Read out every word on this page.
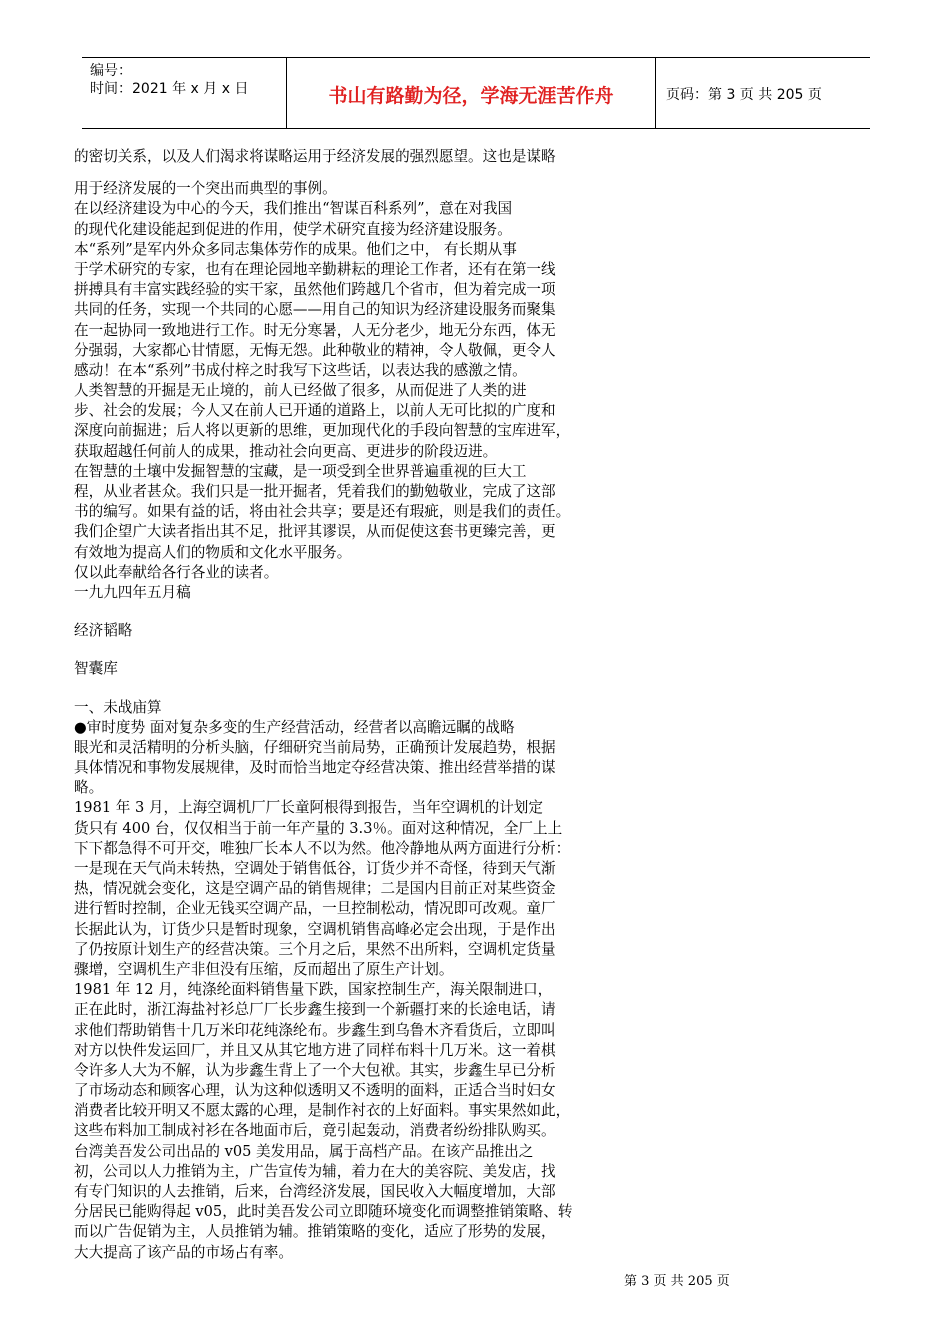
编号：
时间：2021 年 x 月 x 日	书山有路勤为径，学海无涯苦作舟	页码：第 3 页 共 205 页
的密切关系，以及人们渴求将谋略运用于经济发展的强烈愿望。这也是谋略
用于经济发展的一个突出而典型的事例。
在以经济建设为中心的今天，我们推出“智谋百科系列”，意在对我国
的现代化建设能起到促进的作用，使学术研究直接为经济建设服务。
本“系列”是军内外众多同志集体劳作的成果。他们之中， 有长期从事
于学术研究的专家，也有在理论园地辛勤耕耘的理论工作者，还有在第一线
拼搏具有丰富实践经验的实干家，虽然他们跨越几个省市，但为着完成一项
共同的任务，实现一个共同的心愿——用自己的知识为经济建设服务而聚集
在一起协同一致地进行工作。时无分寒暑，人无分老少，地无分东西，体无
分强弱，大家都心甘情愿，无悔无怨。此种敬业的精神，令人敬佩，更令人
感动！在本“系列”书成付梓之时我写下这些话，以表达我的感激之情。
人类智慧的开掘是无止境的，前人已经做了很多，从而促进了人类的进
步、社会的发展；今人又在前人已开通的道路上，以前人无可比拟的广度和
深度向前掘进；后人将以更新的思维，更加现代化的手段向智慧的宝库进军，
获取超越任何前人的成果，推动社会向更高、更进步的阶段迈进。
在智慧的土壤中发掘智慧的宝藏，是一项受到全世界普遍重视的巨大工
程，从业者甚众。我们只是一批开掘者，凭着我们的勤勉敬业，完成了这部
书的编写。如果有益的话，将由社会共享；要是还有瑕疵，则是我们的责任。
我们企望广大读者指出其不足，批评其谬误，从而促使这套书更臻完善，更
有效地为提高人们的物质和文化水平服务。
仅以此奉献给各行各业的读者。
一九九四年五月稿
经济韬略
智囊库
一、未战庙算
●审时度势 面对复杂多变的生产经营活动，经营者以高瞻远瞩的战略
眼光和灵活精明的分析头脑，仔细研究当前局势，正确预计发展趋势，根据
具体情况和事物发展规律，及时而恰当地定夺经营决策、推出经营举措的谋
略。
1981 年 3 月，上海空调机厂厂长童阿根得到报告，当年空调机的计划定
货只有 400 台，仅仅相当于前一年产量的 3.3％。面对这种情况，全厂上上
下下都急得不可开交，唯独厂长本人不以为然。他冷静地从两方面进行分析：
一是现在天气尚未转热，空调处于销售低谷，订货少并不奇怪，待到天气渐
热，情况就会变化，这是空调产品的销售规律；二是国内目前正对某些资金
进行暂时控制，企业无钱买空调产品，一旦控制松动，情况即可改观。童厂
长据此认为，订货少只是暂时现象，空调机销售高峰必定会出现，于是作出
了仍按原计划生产的经营决策。三个月之后，果然不出所料，空调机定货量
骤增，空调机生产非但没有压缩，反而超出了原生产计划。
1981 年 12 月，纯涤纶面料销售量下跌，国家控制生产，海关限制进口，
正在此时，浙江海盐衬衫总厂厂长步鑫生接到一个新疆打来的长途电话，请
求他们帮助销售十几万米印花纯涤纶布。步鑫生到乌鲁木齐看货后，立即叫
对方以快件发运回厂，并且又从其它地方进了同样布料十几万米。这一着棋
令许多人大为不解，认为步鑫生背上了一个大包袱。其实，步鑫生早已分析
了市场动态和顾客心理，认为这种似透明又不透明的面料，正适合当时妇女
消费者比较开明又不愿太露的心理，是制作衬衣的上好面料。事实果然如此，
这些布料加工制成衬衫在各地面市后，竟引起轰动，消费者纷纷排队购买。
台湾美吾发公司出品的 v05 美发用品，属于高档产品。在该产品推出之
初，公司以人力推销为主，广告宣传为辅，着力在大的美容院、美发店，找
有专门知识的人去推销，后来，台湾经济发展，国民收入大幅度增加，大部
分居民已能购得起 v05，此时美吾发公司立即随环境变化而调整推销策略、转
而以广告促销为主，人员推销为辅。推销策略的变化，适应了形势的发展，
大大提高了该产品的市场占有率。
第 3 页 共 205 页
